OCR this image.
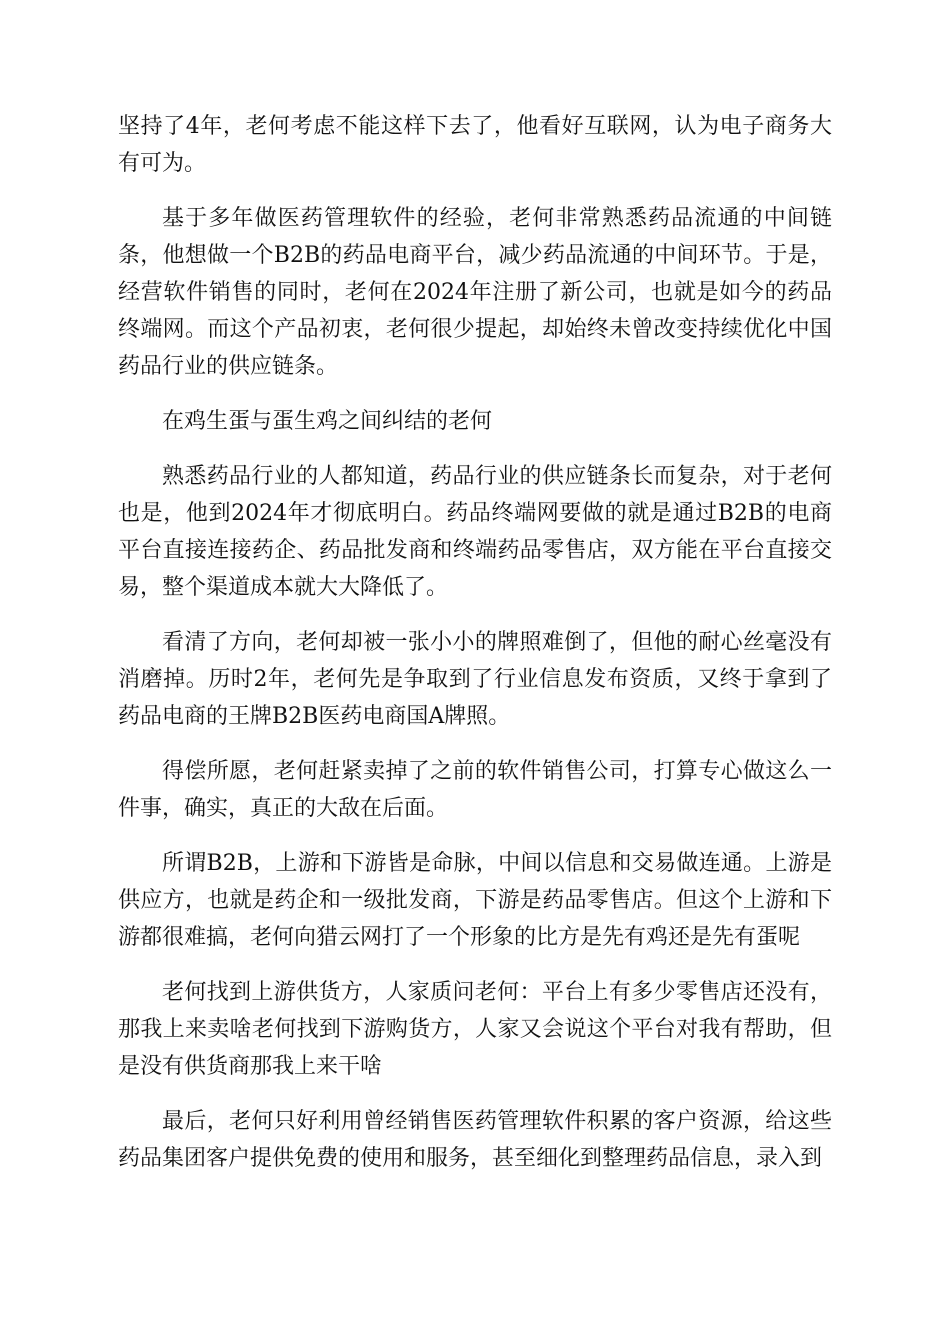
坚持了4年，老何考虑不能这样下去了，他看好互联网，认为电子商务大有可为。

基于多年做医药管理软件的经验，老何非常熟悉药品流通的中间链条，他想做一个B2B的药品电商平台，减少药品流通的中间环节。于是，经营软件销售的同时，老何在2024年注册了新公司，也就是如今的药品终端网。而这个产品初衷，老何很少提起，却始终未曾改变持续优化中国药品行业的供应链条。

在鸡生蛋与蛋生鸡之间纠结的老何

熟悉药品行业的人都知道，药品行业的供应链条长而复杂，对于老何也是，他到2024年才彻底明白。药品终端网要做的就是通过B2B的电商平台直接连接药企、药品批发商和终端药品零售店，双方能在平台直接交易，整个渠道成本就大大降低了。

看清了方向，老何却被一张小小的牌照难倒了，但他的耐心丝毫没有消磨掉。历时2年，老何先是争取到了行业信息发布资质，又终于拿到了药品电商的王牌B2B医药电商国A牌照。

得偿所愿，老何赶紧卖掉了之前的软件销售公司，打算专心做这么一件事，确实，真正的大敌在后面。

所谓B2B，上游和下游皆是命脉，中间以信息和交易做连通。上游是供应方，也就是药企和一级批发商，下游是药品零售店。但这个上游和下游都很难搞，老何向猎云网打了一个形象的比方是先有鸡还是先有蛋呢

老何找到上游供货方，人家质问老何：平台上有多少零售店还没有，那我上来卖啥老何找到下游购货方，人家又会说这个平台对我有帮助，但是没有供货商那我上来干啥

最后，老何只好利用曾经销售医药管理软件积累的客户资源，给这些药品集团客户提供免费的使用和服务，甚至细化到整理药品信息，录入到
